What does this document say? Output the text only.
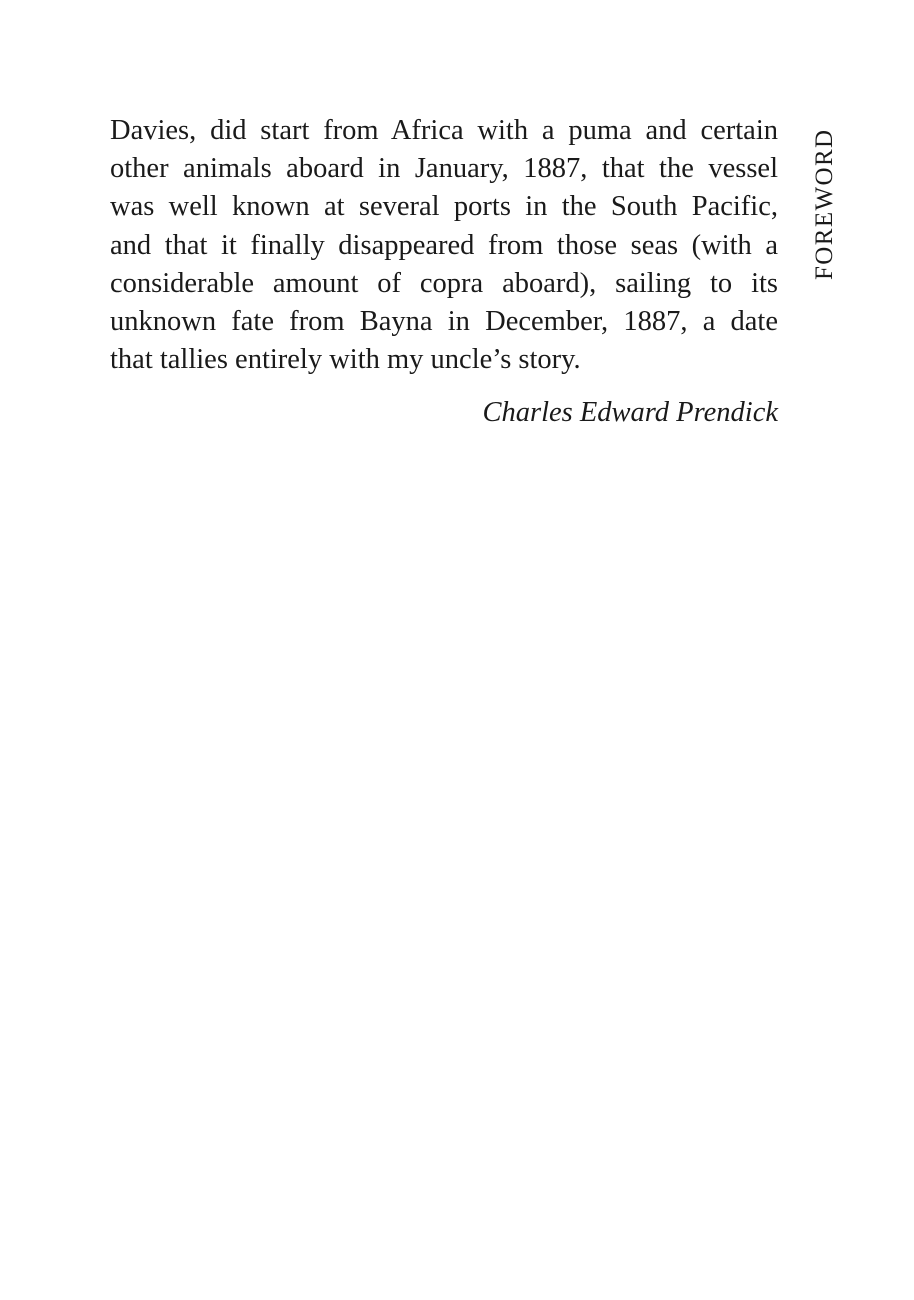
FOREWORD

Davies, did start from Africa with a puma and certain
other animals aboard in January, 1887, that the vessel
was well known at several ports in the South Pacific,
and that it finally disappeared from those seas (with a
considerable amount of copra aboard), sailing to its
unknown fate from Bayna in December, 1887, a date
that tallies entirely with my uncle’s story.

Charles Edward Prendick
